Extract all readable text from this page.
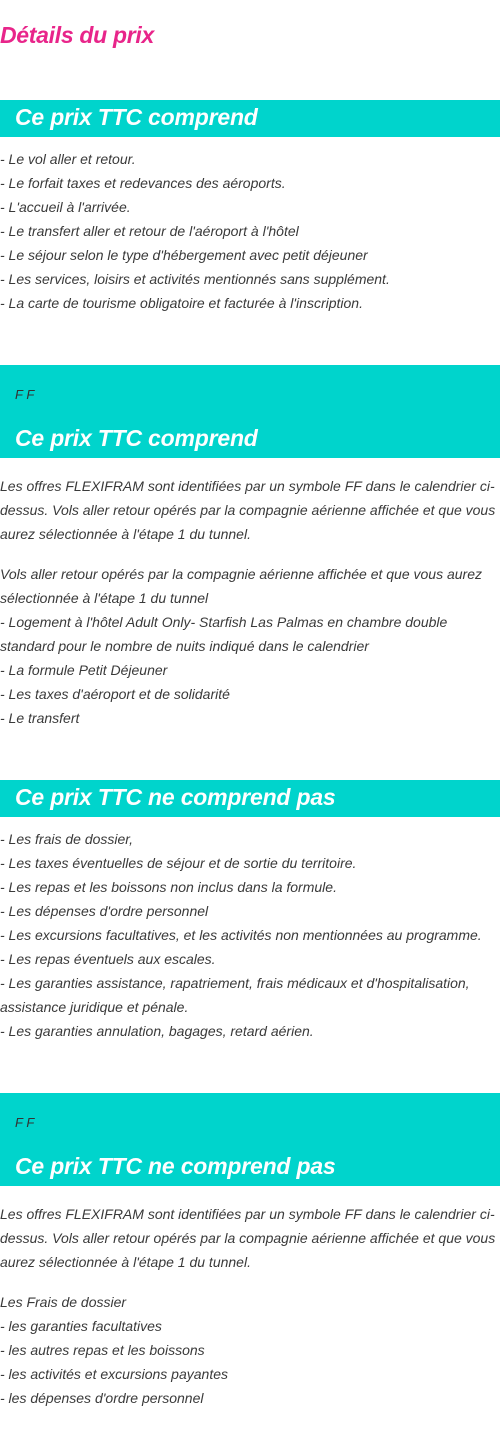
Détails du prix
Ce prix TTC comprend
- Le vol aller et retour.
- Le forfait taxes et redevances des aéroports.
- L'accueil à l'arrivée.
- Le transfert aller et retour de l'aéroport à l'hôtel
- Le séjour selon le type d'hébergement avec petit déjeuner
- Les services, loisirs et activités mentionnés sans supplément.
- La carte de tourisme obligatoire et facturée à l'inscription.
F F
Ce prix TTC comprend

Les offres FLEXIFRAM sont identifiées par un symbole FF dans le calendrier ci-dessus. Vols aller retour opérés par la compagnie aérienne affichée et que vous aurez sélectionnée à l'étape 1 du tunnel.

Vols aller retour opérés par la compagnie aérienne affichée et que vous aurez
sélectionnée à l'étape 1 du tunnel
- Logement à l'hôtel Adult Only- Starfish Las Palmas en chambre double
standard pour le nombre de nuits indiqué dans le calendrier
- La formule Petit Déjeuner
- Les taxes d'aéroport et de solidarité
- Le transfert
Ce prix TTC ne comprend pas
- Les frais de dossier,
- Les taxes éventuelles de séjour et de sortie du territoire.
- Les repas et les boissons non inclus dans la formule.
- Les dépenses d'ordre personnel
- Les excursions facultatives, et les activités non mentionnées au programme.
- Les repas éventuels aux escales.
- Les garanties assistance, rapatriement, frais médicaux et d'hospitalisation,
assistance juridique et pénale.
- Les garanties annulation, bagages, retard aérien.
F F
Ce prix TTC ne comprend pas

Les offres FLEXIFRAM sont identifiées par un symbole FF dans le calendrier ci-dessus. Vols aller retour opérés par la compagnie aérienne affichée et que vous aurez sélectionnée à l'étape 1 du tunnel.

Les Frais de dossier
- les garanties facultatives
- les autres repas et les boissons
- les activités et excursions payantes
- les dépenses d'ordre personnel
